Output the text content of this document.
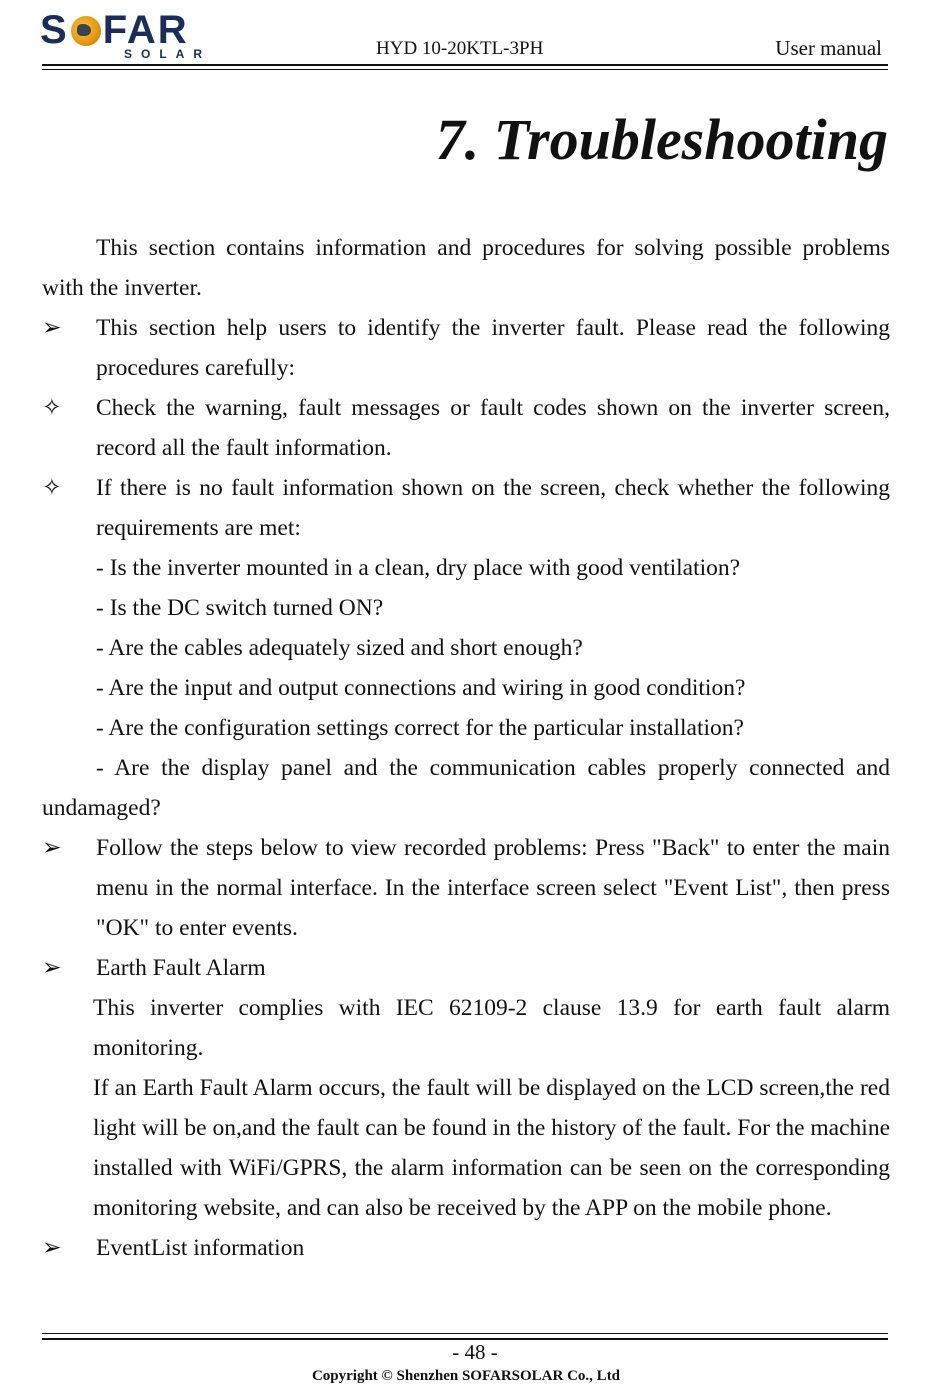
S FAR
SOLAR	HYD 10-20KTL-3PH	User manual
7. Troubleshooting

This section contains information and procedures for solving possible problems with the inverter.

➢	This section help users to identify the inverter fault. Please read the following procedures carefully:
✧	Check the warning, fault messages or fault codes shown on the inverter screen, record all the fault information.
✧	If there is no fault information shown on the screen, check whether the following requirements are met:

- Is the inverter mounted in a clean, dry place with good ventilation?

- Is the DC switch turned ON?

- Are the cables adequately sized and short enough?

- Are the input and output connections and wiring in good condition?

- Are the configuration settings correct for the particular installation?

- Are the display panel and the communication cables properly connected and undamaged?

➢	Follow the steps below to view recorded problems: Press "Back" to enter the main menu in the normal interface. In the interface screen select "Event List", then press "OK" to enter events.
➢	Earth Fault Alarm

This inverter complies with IEC 62109-2 clause 13.9 for earth fault alarm monitoring.

If an Earth Fault Alarm occurs, the fault will be displayed on the LCD screen,the red light will be on,and the fault can be found in the history of the fault. For the machine installed with WiFi/GPRS, the alarm information can be seen on the corresponding monitoring website, and can also be received by the APP on the mobile phone.

➢	EventList information
- 48 -
Copyright © Shenzhen SOFARSOLAR Co., Ltd
